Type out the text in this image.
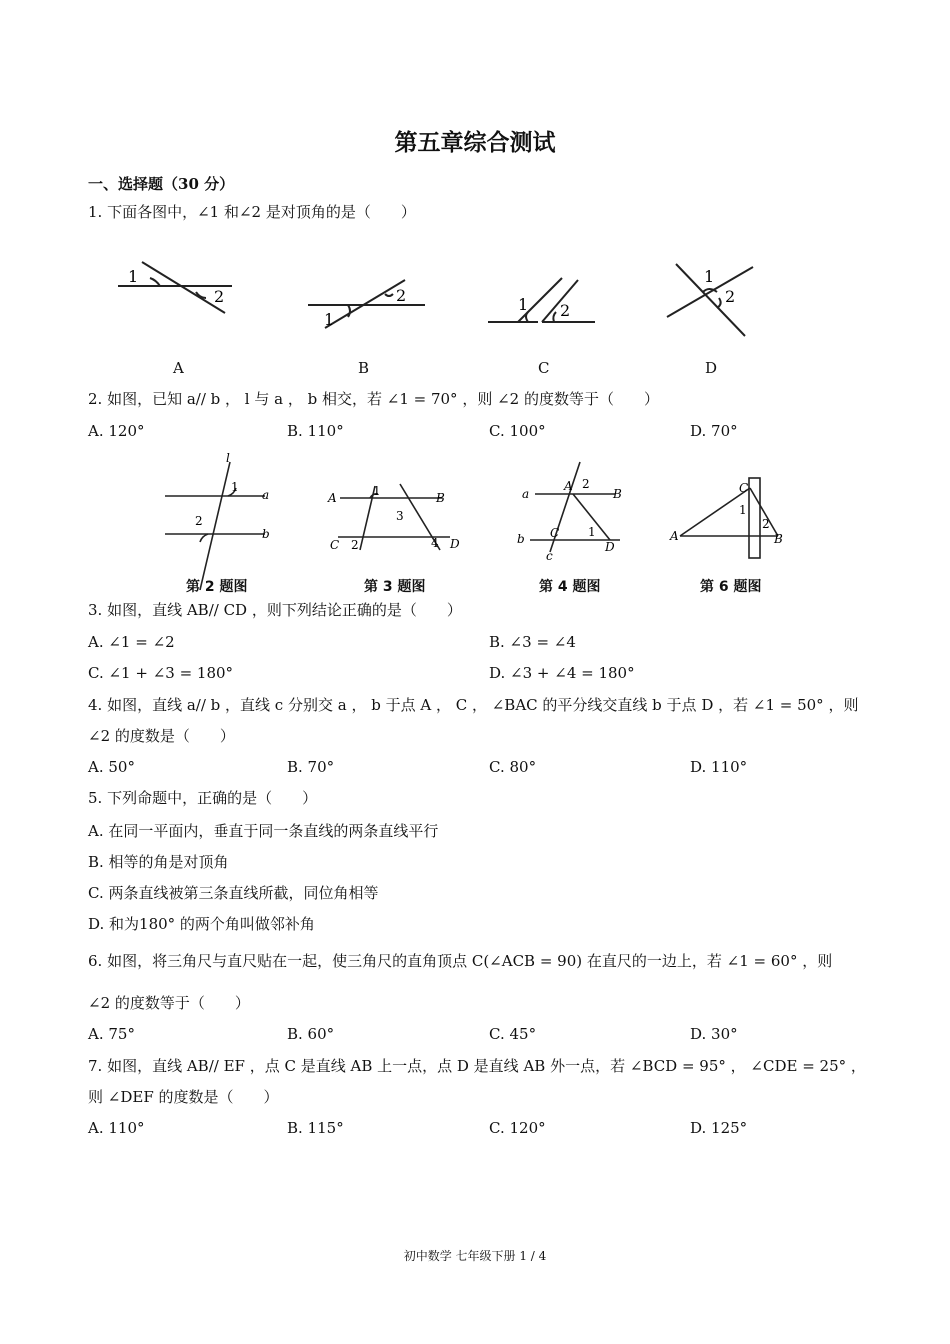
第五章综合测试
一、选择题（30 分）
1. 下面各图中，∠1 和∠2 是对顶角的是（　　）
1
2
1
2	1 2
1
2
A	B	C	D
2. 如图，已知 a// b ， l 与 a ， b 相交，若 ∠1 = 70° ，则 ∠2 的度数等于（　　）
A. 120°	B. 110°	C. 100°	D. 70°
l
a
b
1
2
A	B
C	D
1
2
3
4
a
b
c
A
B
C
D
2
1	A	B
C
1
2
第 2 题图	第 3 题图	第 4 题图	第 6 题图
3. 如图，直线 AB// CD ，则下列结论正确的是（　　）
A. ∠1 = ∠2	B. ∠3 = ∠4
C. ∠1 + ∠3 = 180°	D. ∠3 + ∠4 = 180°
4. 如图，直线 a// b ，直线 c 分别交 a ， b 于点 A ， C ， ∠BAC 的平分线交直线 b 于点 D ，若 ∠1 = 50° ，则
∠2 的度数是（　　）
A. 50°	B. 70°	C. 80°	D. 110°
5. 下列命题中，正确的是（　　）
A. 在同一平面内，垂直于同一条直线的两条直线平行
B. 相等的角是对顶角
C. 两条直线被第三条直线所截，同位角相等
D. 和为180° 的两个角叫做邻补角
6. 如图，将三角尺与直尺贴在一起，使三角尺的直角顶点 C(∠ACB = 90) 在直尺的一边上，若 ∠1 = 60° ，则
∠2 的度数等于（　　）
A. 75°	B. 60°	C. 45°	D. 30°
7. 如图，直线 AB// EF ，点 C 是直线 AB 上一点，点 D 是直线 AB 外一点，若 ∠BCD = 95° ， ∠CDE = 25° ，
则 ∠DEF 的度数是（　　）
A. 110°	B. 115°	C. 120°	D. 125°
初中数学 七年级下册 1 / 4
